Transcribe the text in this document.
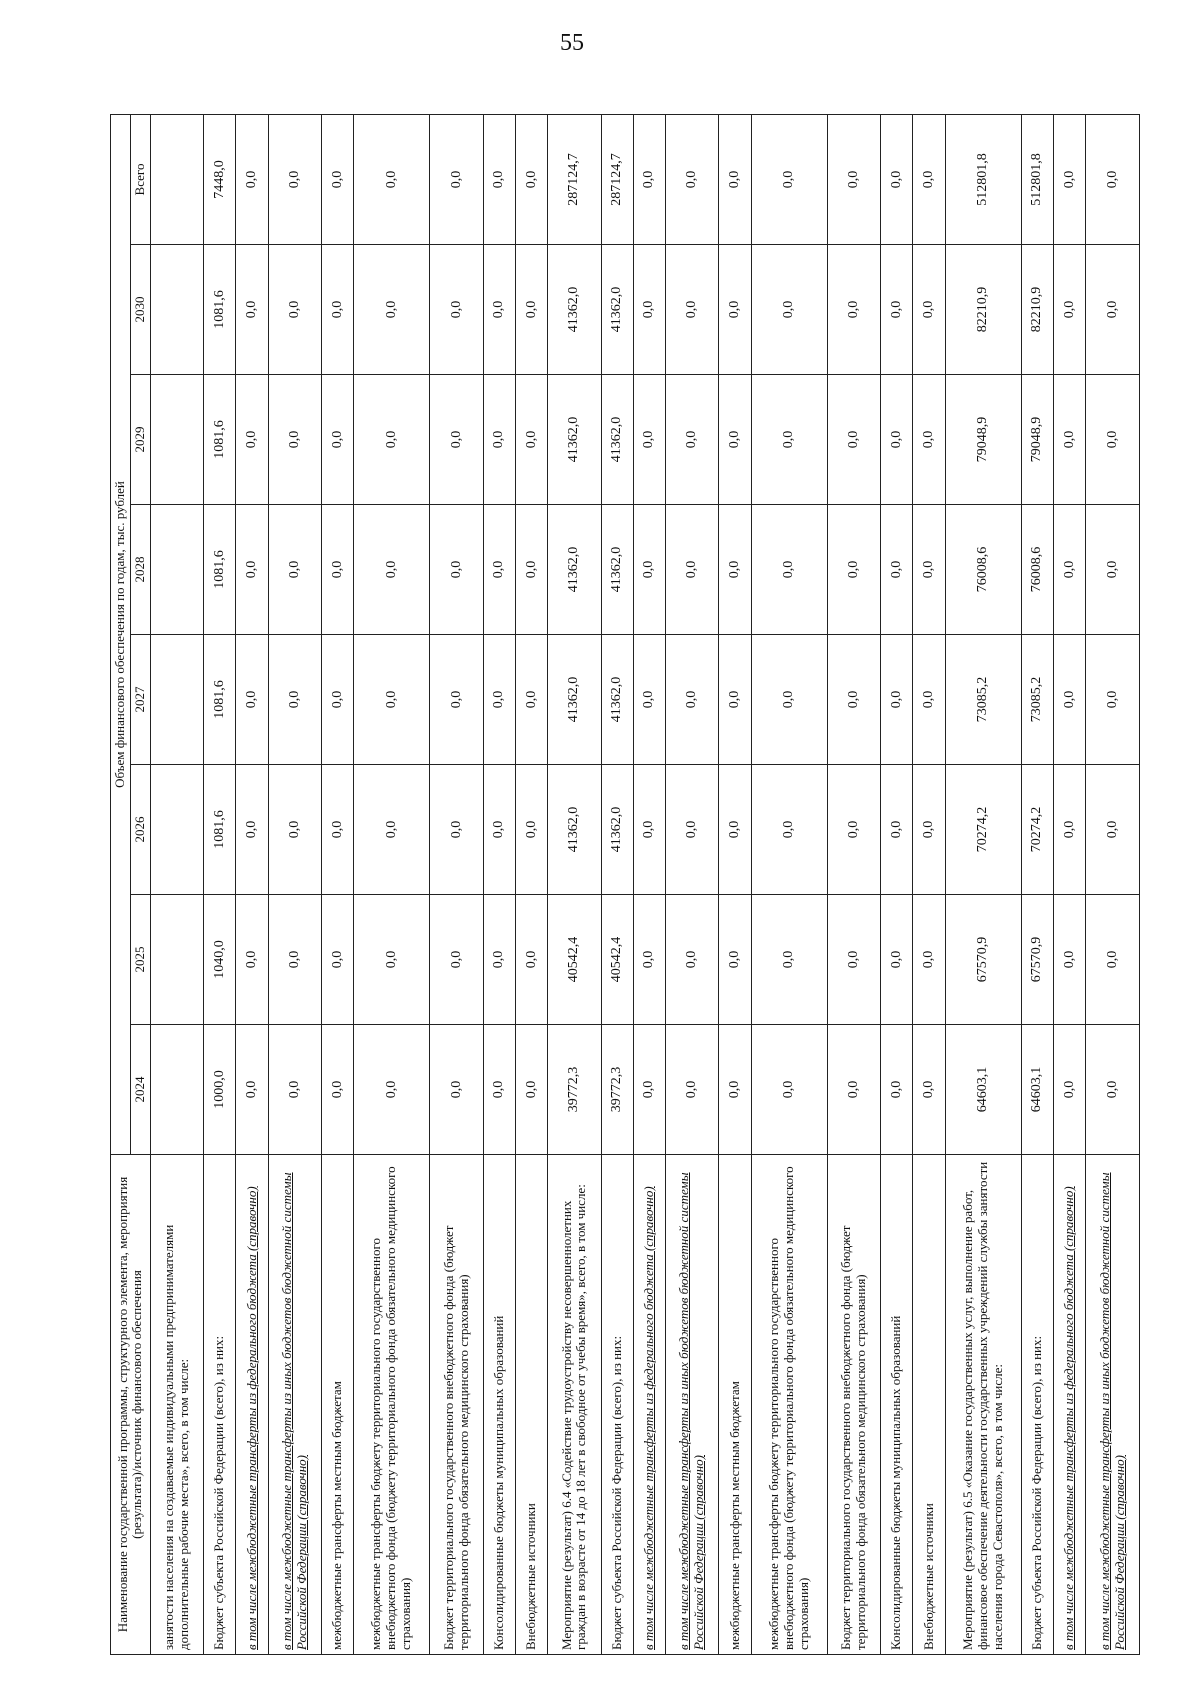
55
Наименование государственной программы, структурного элемента, мероприятия (результата)/источник финансового обеспечения	Объем финансового обеспечения по годам, тыс. рублей							
	2024	2025	2026	2027	2028	2029	2030	Всего
занятости населения на создаваемые индивидуальными предпринимателями дополнительные рабочие места», всего, в том числе:								
Бюджет субъекта Российской Федерации (всего), из них:	1000,0	1040,0	1081,6	1081,6	1081,6	1081,6	1081,6	7448,0
в том числе межбюджетные трансферты из федерального бюджета (справочно)	0,0	0,0	0,0	0,0	0,0	0,0	0,0	0,0
в том числе межбюджетные трансферты из иных бюджетов бюджетной системы Российской Федерации (справочно)	0,0	0,0	0,0	0,0	0,0	0,0	0,0	0,0
межбюджетные трансферты местным бюджетам	0,0	0,0	0,0	0,0	0,0	0,0	0,0	0,0
межбюджетные трансферты бюджету территориального государственного внебюджетного фонда (бюджету территориального фонда обязательного медицинского страхования)	0,0	0,0	0,0	0,0	0,0	0,0	0,0	0,0
Бюджет территориального государственного внебюджетного фонда (бюджет территориального фонда обязательного медицинского страхования)	0,0	0,0	0,0	0,0	0,0	0,0	0,0	0,0
Консолидированные бюджеты муниципальных образований	0,0	0,0	0,0	0,0	0,0	0,0	0,0	0,0
Внебюджетные источники	0,0	0,0	0,0	0,0	0,0	0,0	0,0	0,0
Мероприятие (результат) 6.4 «Содействие трудоустройству несовершеннолетних граждан в возрасте от 14 до 18 лет в свободное от учебы время», всего, в том числе:	39772,3	40542,4	41362,0	41362,0	41362,0	41362,0	41362,0	287124,7
Бюджет субъекта Российской Федерации (всего), из них:	39772,3	40542,4	41362,0	41362,0	41362,0	41362,0	41362,0	287124,7
в том числе межбюджетные трансферты из федерального бюджета (справочно)	0,0	0,0	0,0	0,0	0,0	0,0	0,0	0,0
в том числе межбюджетные трансферты из иных бюджетов бюджетной системы Российской Федерации (справочно)	0,0	0,0	0,0	0,0	0,0	0,0	0,0	0,0
межбюджетные трансферты местным бюджетам	0,0	0,0	0,0	0,0	0,0	0,0	0,0	0,0
межбюджетные трансферты бюджету территориального государственного внебюджетного фонда (бюджету территориального фонда обязательного медицинского страхования)	0,0	0,0	0,0	0,0	0,0	0,0	0,0	0,0
Бюджет территориального государственного внебюджетного фонда (бюджет территориального фонда обязательного медицинского страхования)	0,0	0,0	0,0	0,0	0,0	0,0	0,0	0,0
Консолидированные бюджеты муниципальных образований	0,0	0,0	0,0	0,0	0,0	0,0	0,0	0,0
Внебюджетные источники	0,0	0,0	0,0	0,0	0,0	0,0	0,0	0,0
Мероприятие (результат) 6.5 «Оказание государственных услуг, выполнение работ, финансовое обеспечение деятельности государственных учреждений службы занятости населения города Севастополя», всего, в том числе:	64603,1	67570,9	70274,2	73085,2	76008,6	79048,9	82210,9	512801,8
Бюджет субъекта Российской Федерации (всего), из них:	64603,1	67570,9	70274,2	73085,2	76008,6	79048,9	82210,9	512801,8
в том числе межбюджетные трансферты из федерального бюджета (справочно)	0,0	0,0	0,0	0,0	0,0	0,0	0,0	0,0
в том числе межбюджетные трансферты из иных бюджетов бюджетной системы Российской Федерации (справочно)	0,0	0,0	0,0	0,0	0,0	0,0	0,0	0,0
